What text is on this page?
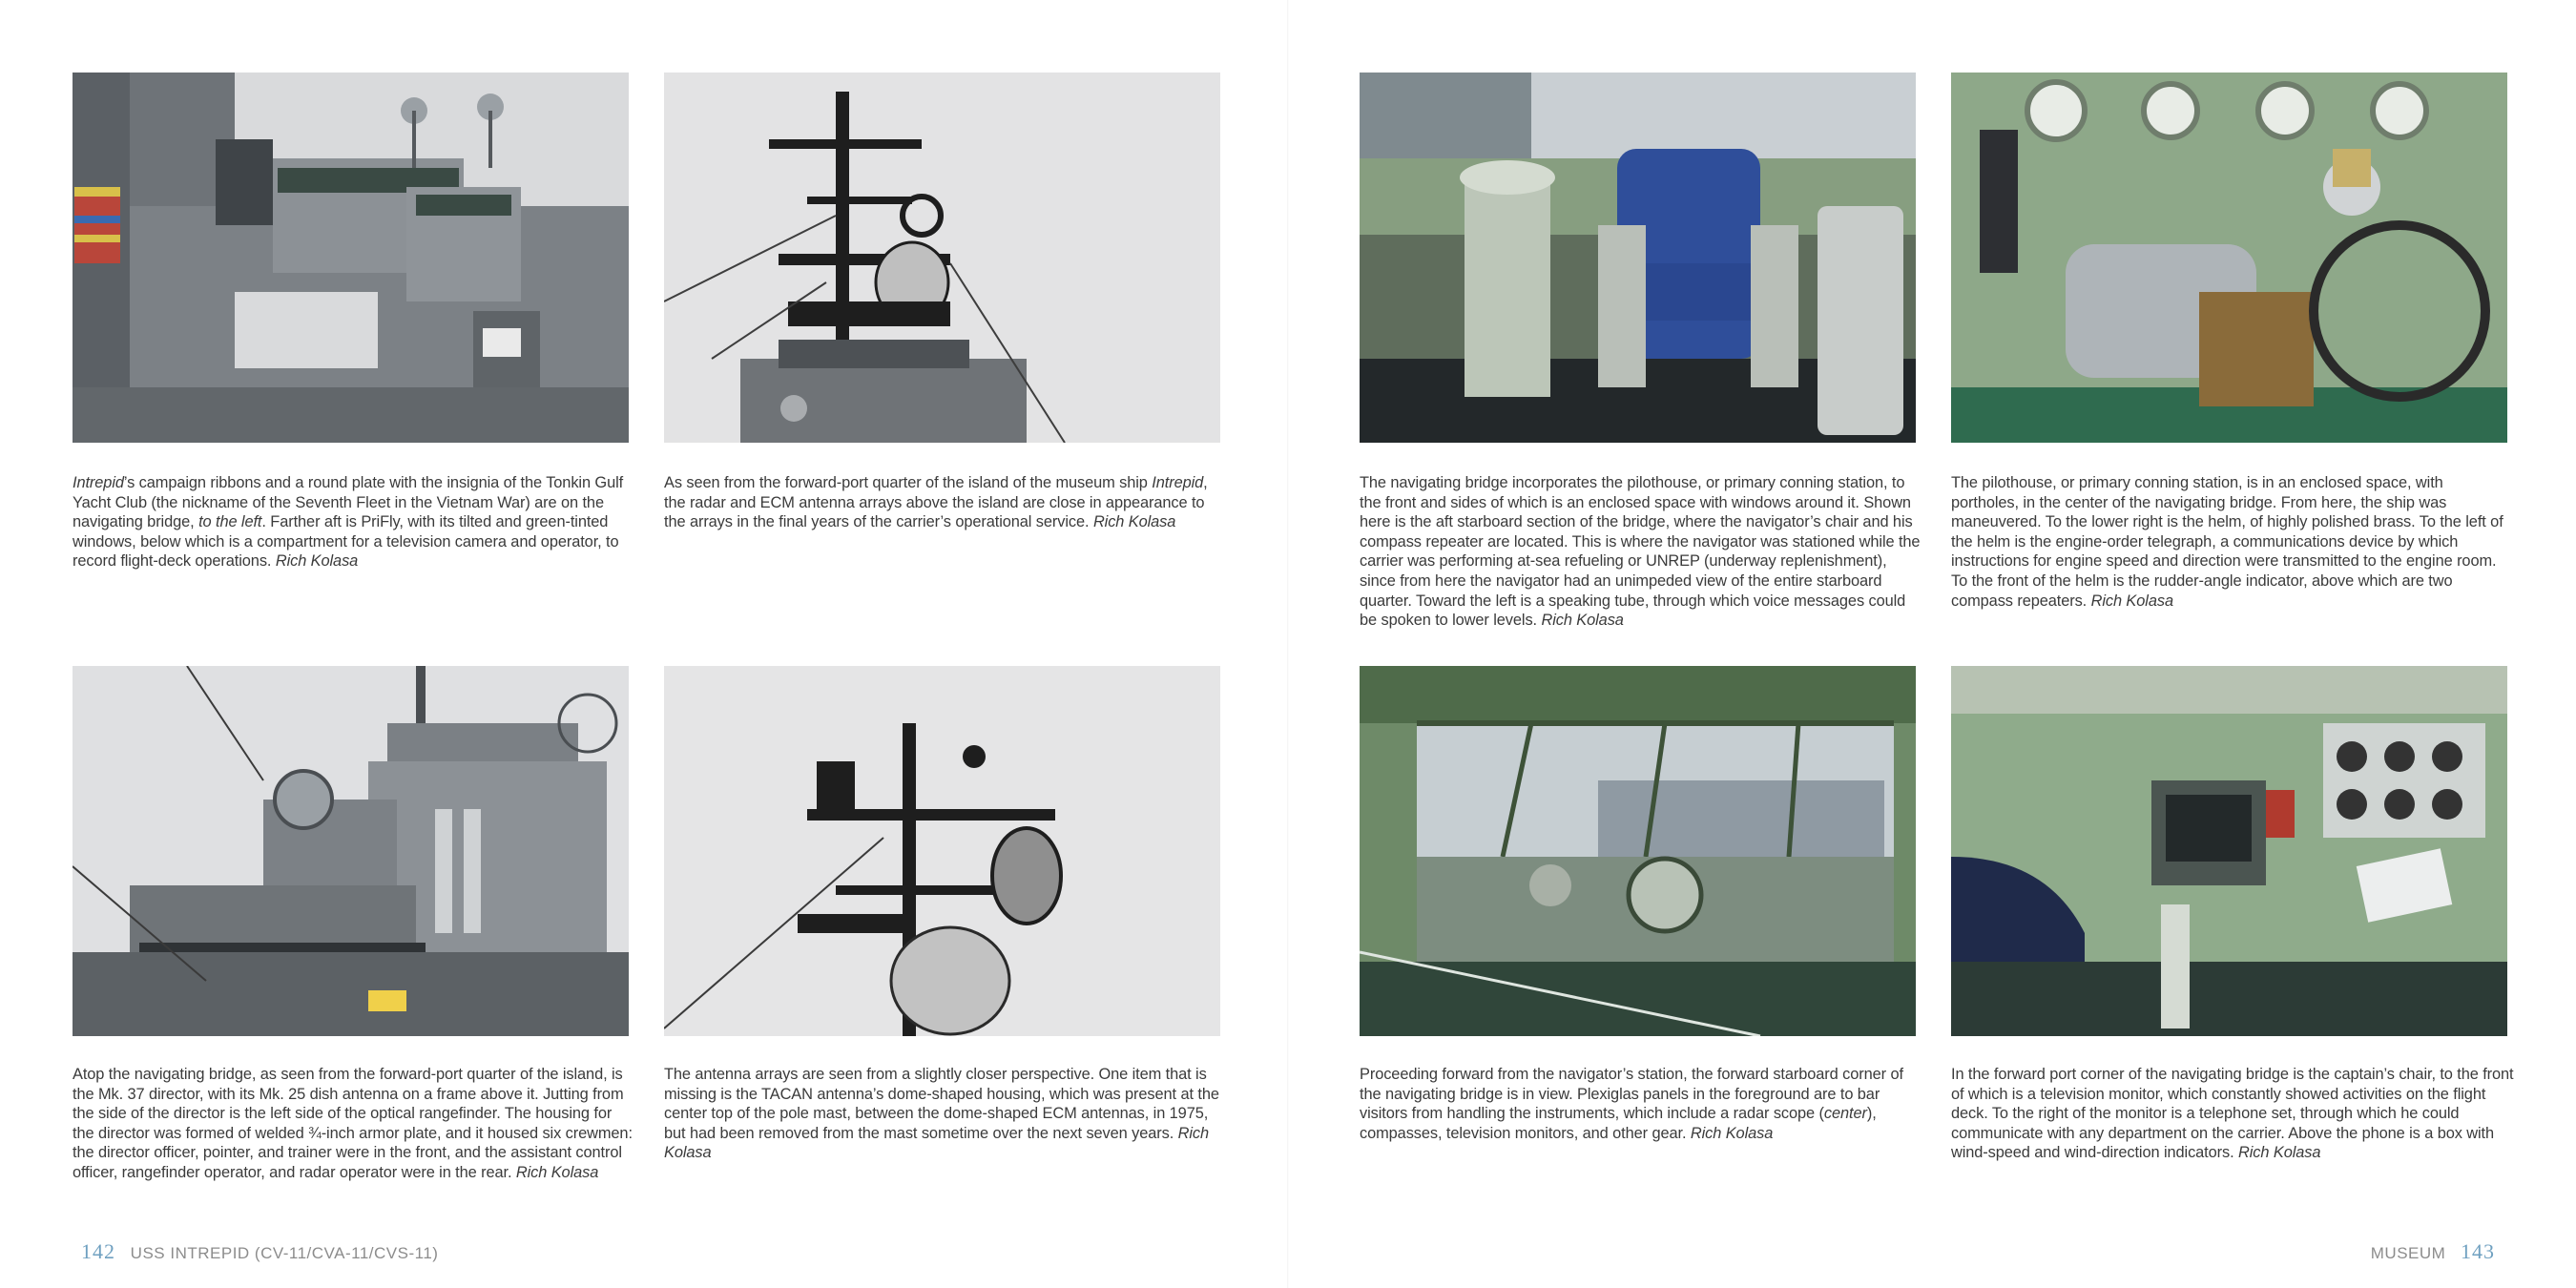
Intrepid’s campaign ribbons and a round plate with the insignia of the Tonkin Gulf Yacht Club (the nickname of the Seventh Fleet in the Vietnam War) are on the navigating bridge, to the left. Farther aft is PriFly, with its tilted and green-tinted windows, below which is a compartment for a television camera and operator, to record flight-deck operations. Rich Kolasa
As seen from the forward-port quarter of the island of the museum ship Intrepid, the radar and ECM antenna arrays above the island are close in appearance to the arrays in the final years of the carrier’s operational service. Rich Kolasa
Atop the navigating bridge, as seen from the forward-port quarter of the island, is the Mk. 37 director, with its Mk. 25 dish antenna on a frame above it. Jutting from the side of the director is the left side of the optical rangefinder. The housing for the director was formed of welded ¾-inch armor plate, and it housed six crewmen: the director officer, pointer, and trainer were in the front, and the assistant control officer, rangefinder operator, and radar operator were in the rear. Rich Kolasa
The antenna arrays are seen from a slightly closer perspective. One item that is missing is the TACAN antenna’s dome-shaped housing, which was present at the center top of the pole mast, between the dome-shaped ECM antennas, in 1975, but had been removed from the mast sometime over the next seven years. Rich Kolasa
142 USS INTREPID (CV-11/CVA-11/CVS-11)
The navigating bridge incorporates the pilothouse, or primary conning station, to the front and sides of which is an enclosed space with windows around it. Shown here is the aft starboard section of the bridge, where the navigator’s chair and his compass repeater are located. This is where the navigator was stationed while the carrier was performing at-sea refueling or UNREP (underway replenishment), since from here the navigator had an unimpeded view of the entire starboard quarter. Toward the left is a speaking tube, through which voice messages could be spoken to lower levels. Rich Kolasa
The pilothouse, or primary conning station, is in an enclosed space, with portholes, in the center of the navigating bridge. From here, the ship was maneuvered. To the lower right is the helm, of highly polished brass. To the left of the helm is the engine-order telegraph, a communications device by which instructions for engine speed and direction were transmitted to the engine room. To the front of the helm is the rudder-angle indicator, above which are two compass repeaters. Rich Kolasa
Proceeding forward from the navigator’s station, the forward starboard corner of the navigating bridge is in view. Plexiglas panels in the foreground are to bar visitors from handling the instruments, which include a radar scope (center), compasses, television monitors, and other gear. Rich Kolasa
In the forward port corner of the navigating bridge is the captain’s chair, to the front of which is a television monitor, which constantly showed activities on the flight deck. To the right of the monitor is a telephone set, through which he could communicate with any department on the carrier. Above the phone is a box with wind-speed and wind-direction indicators. Rich Kolasa
MUSEUM 143
